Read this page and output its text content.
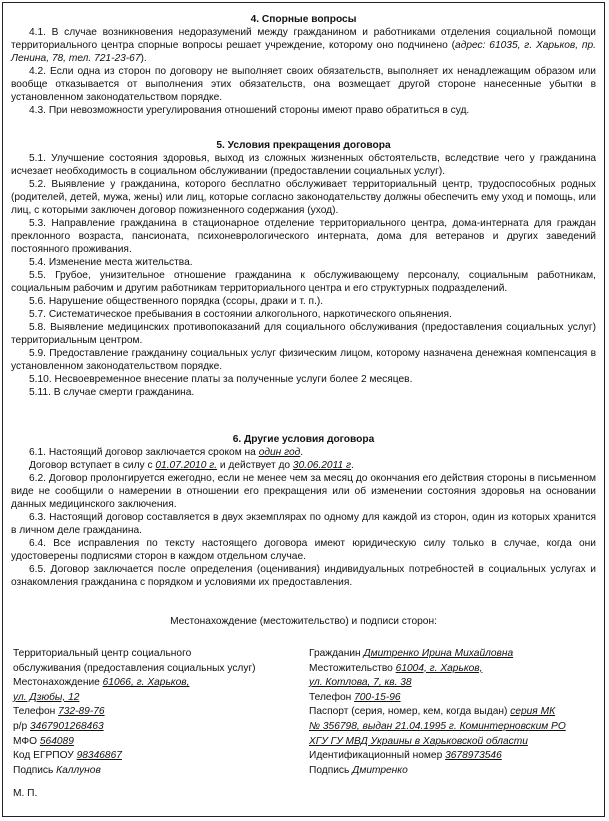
4. Спорные вопросы

4.1. В случае возникновения недоразумений между гражданином и работниками отделения социальной помощи территориального центра спорные вопросы решает учреждение, которому оно подчинено (адрес: 61035, г. Харьков, пр. Ленина, 78, тел. 721-23-67).

4.2. Если одна из сторон по договору не выполняет своих обязательств, выполняет их ненадлежащим образом или вообще отказывается от выполнения этих обязательств, она возмещает другой стороне нанесенные убытки в установленном законодательством порядке.

4.3. При невозможности урегулирования отношений стороны имеют право обратиться в суд.

5. Условия прекращения договора

5.1. Улучшение состояния здоровья, выход из сложных жизненных обстоятельств, вследствие чего у гражданина исчезает необходимость в социальном обслуживании (предоставлении социальных услуг).

5.2. Выявление у гражданина, которого бесплатно обслуживает территориальный центр, трудоспособных родных (родителей, детей, мужа, жены) или лиц, которые согласно законодательству должны обеспечить ему уход и помощь, или лиц, с которыми заключен договор пожизненного содержания (уход).

5.3. Направление гражданина в стационарное отделение территориального центра, дома-интерната для граждан преклонного возраста, пансионата, психоневрологического интерната, дома для ветеранов и других заведений постоянного проживания.

5.4. Изменение места жительства.

5.5. Грубое, унизительное отношение гражданина к обслуживающему персоналу, социальным работникам, социальным рабочим и другим работникам территориального центра и его структурных подразделений.

5.6. Нарушение общественного порядка (ссоры, драки и т. п.).

5.7. Систематическое пребывания в состоянии алкогольного, наркотического опьянения.

5.8. Выявление медицинских противопоказаний для социального обслуживания (предоставления социальных услуг) территориальным центром.

5.9. Предоставление гражданину социальных услуг физическим лицом, которому назначена денежная компенсация в установленном законодательством порядке.

5.10. Несвоевременное внесение платы за полученные услуги более 2 месяцев.

5.11. В случае смерти гражданина.

6. Другие условия договора

6.1. Настоящий договор заключается сроком на один год.

Договор вступает в силу с 01.07.2010 г. и действует до 30.06.2011 г.

6.2. Договор пролонгируется ежегодно, если не менее чем за месяц до окончания его действия стороны в письменном виде не сообщили о намерении в отношении его прекращения или об изменении состояния здоровья на основании данных медицинского заключения.

6.3. Настоящий договор составляется в двух экземплярах по одному для каждой из сторон, один из которых хранится в личном деле гражданина.

6.4. Все исправления по тексту настоящего договора имеют юридическую силу только в случае, когда они удостоверены подписями сторон в каждом отдельном случае.

6.5. Договор заключается после определения (оценивания) индивидуальных потребностей в социальных услугах и ознакомления гражданина с порядком и условиями их предоставления.

Местонахождение (местожительство) и подписи сторон:
Территориальный центр социального
обслуживания (предоставления социальных услуг)
Местонахождение 61066, г. Харьков,
ул. Дзюбы, 12
Телефон 732-89-76
р/р 3467901268463
МФО 564089
Код ЕГРПОУ 98346867
Подпись Каллунов
Гражданин Дмитренко Ирина Михайловна
Местожительство 61004, г. Харьков,
ул. Котлова, 7, кв. 38
Телефон 700-15-96
Паспорт (серия, номер, кем, когда выдан) серия МК
№ 356798, выдан 21.04.1995 г. Коминтерновским РО
ХГУ ГУ МВД Украины в Харьковской области
Идентификационный номер 3678973546
Подпись Дмитренко
М. П.
